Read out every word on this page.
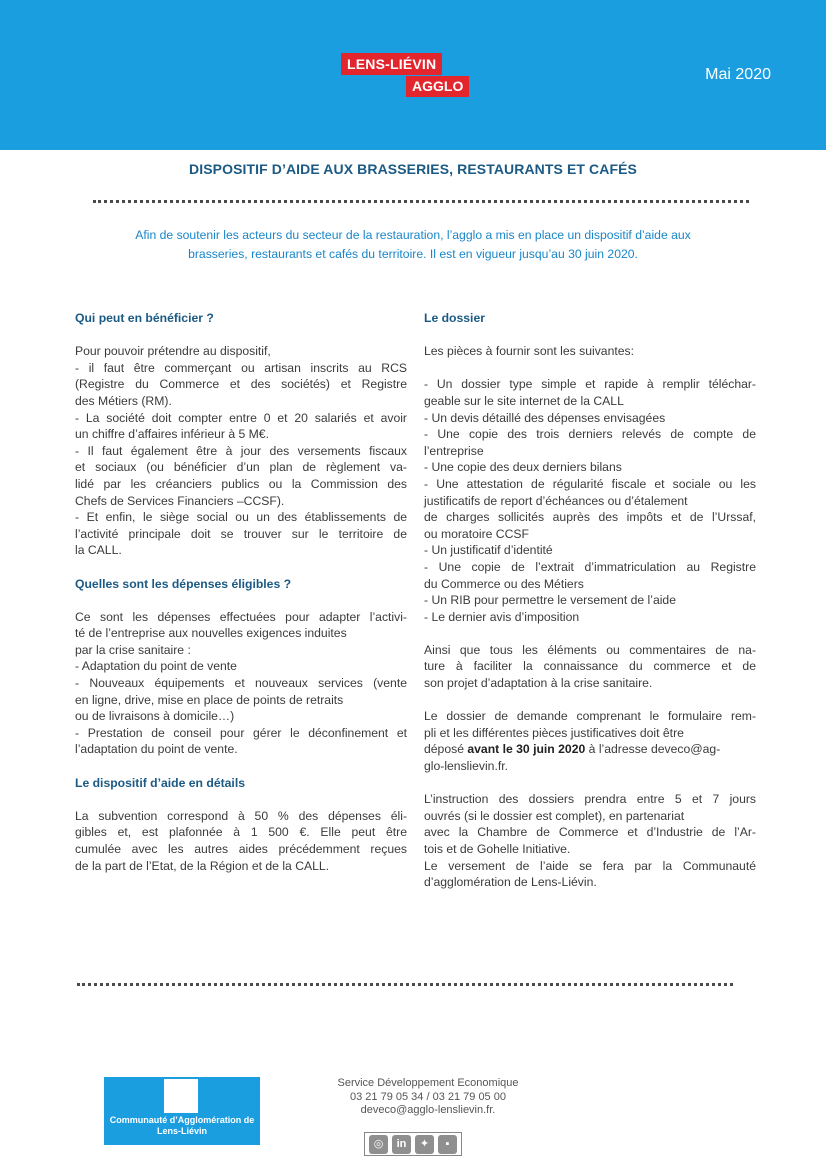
LENS-LIÉVIN
AGGLO
Mai 2020
DISPOSITIF D’AIDE AUX BRASSERIES, RESTAURANTS ET CAFÉS
Afin de soutenir les acteurs du secteur de la restauration, l’agglo a mis en place un dispositif d’aide aux
brasseries, restaurants et cafés du territoire. Il est en vigueur jusqu’au 30 juin 2020.
Qui peut en bénéficier ?
Pour pouvoir prétendre au dispositif,
- il faut être commerçant ou artisan inscrits au RCS
(Registre du Commerce et des sociétés) et Registre
des Métiers (RM).
- La société doit compter entre 0 et 20 salariés et avoir
un chiffre d’affaires inférieur à 5 M€.
- Il faut également être à jour des versements fiscaux
et sociaux (ou bénéficier d’un plan de règlement va-
lidé par les créanciers publics ou la Commission des
Chefs de Services Financiers –CCSF).
- Et enfin, le siège social ou un des établissements de
l’activité principale doit se trouver sur le territoire de
la CALL.
Quelles sont les dépenses éligibles ?
Ce sont les dépenses effectuées pour adapter l’activi-
té de l’entreprise aux nouvelles exigences induites
par la crise sanitaire :
- Adaptation du point de vente
- Nouveaux équipements et nouveaux services (vente
en ligne, drive, mise en place de points de retraits
ou de livraisons à domicile…)
- Prestation de conseil pour gérer le déconfinement et
l’adaptation du point de vente.
Le dispositif d’aide en détails
La subvention correspond à 50 % des dépenses éli-
gibles et, est plafonnée à 1 500 €. Elle peut être
cumulée avec les autres aides précédemment reçues
de la part de l’Etat, de la Région et de la CALL.
Le dossier
Les pièces à fournir sont les suivantes:
- Un dossier type simple et rapide à remplir téléchar-
geable sur le site internet de la CALL
- Un devis détaillé des dépenses envisagées
- Une copie des trois derniers relevés de compte de
l’entreprise
- Une copie des deux derniers bilans
- Une attestation de régularité fiscale et sociale ou les
justificatifs de report d’échéances ou d’étalement
de charges sollicités auprès des impôts et de l’Urssaf,
ou moratoire CCSF
- Un justificatif d’identité
- Une copie de l’extrait d’immatriculation au Registre
du Commerce ou des Métiers
- Un RIB pour permettre le versement de l’aide
- Le dernier avis d’imposition
Ainsi que tous les éléments ou commentaires de na-
ture à faciliter la connaissance du commerce et de
son projet d’adaptation à la crise sanitaire.
Le dossier de demande comprenant le formulaire rem-
pli et les différentes pièces justificatives doit être
déposé avant le 30 juin 2020 à l’adresse deveco@ag-
glo-lenslievin.fr.
L’instruction des dossiers prendra entre 5 et 7 jours
ouvrés (si le dossier est complet), en partenariat
avec la Chambre de Commerce et d’Industrie de l’Ar-
tois et de Gohelle Initiative.
Le versement de l’aide se fera par la Communauté
d’agglomération de Lens-Liévin.
Communauté d’Agglomération de Lens-Liévin
Service Développement Economique
03 21 79 05 34 / 03 21 79 05 00
deveco@agglo-lenslievin.fr.
◎	in	✦	▪
